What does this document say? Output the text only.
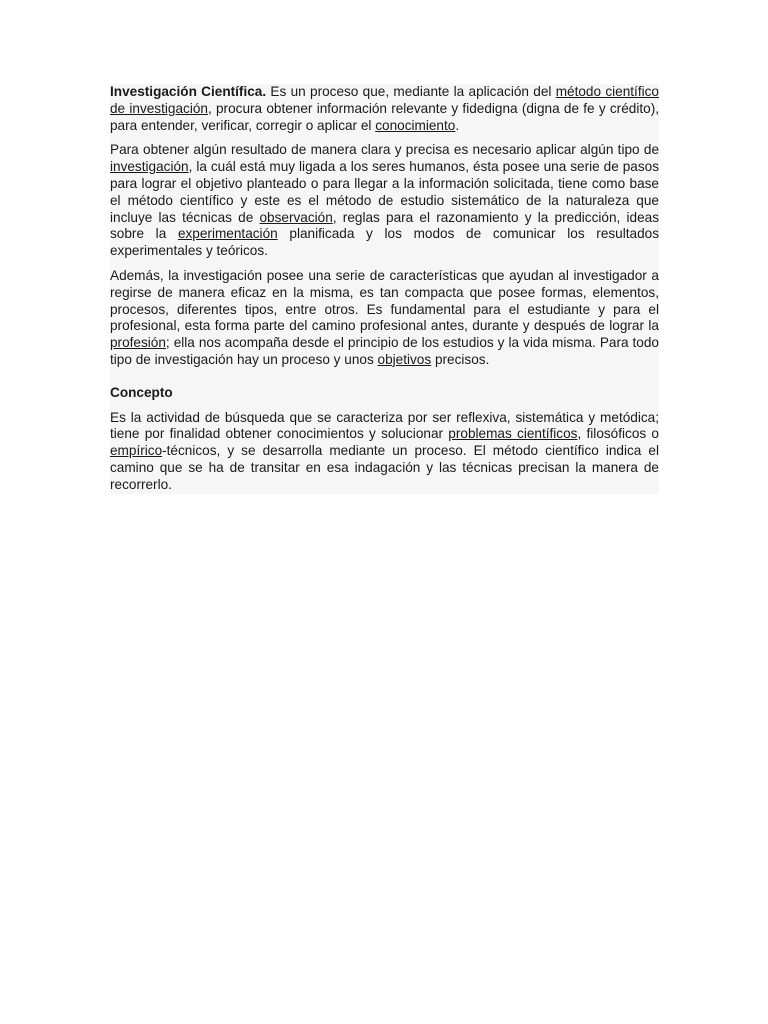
Investigación Científica. Es un proceso que, mediante la aplicación del método científico de investigación, procura obtener información relevante y fidedigna (digna de fe y crédito), para entender, verificar, corregir o aplicar el conocimiento.

Para obtener algún resultado de manera clara y precisa es necesario aplicar algún tipo de investigación, la cuál está muy ligada a los seres humanos, ésta posee una serie de pasos para lograr el objetivo planteado o para llegar a la información solicitada, tiene como base el método científico y este es el método de estudio sistemático de la naturaleza que incluye las técnicas de observación, reglas para el razonamiento y la predicción, ideas sobre la experimentación planificada y los modos de comunicar los resultados experimentales y teóricos.

Además, la investigación posee una serie de características que ayudan al investigador a regirse de manera eficaz en la misma, es tan compacta que posee formas, elementos, procesos, diferentes tipos, entre otros. Es fundamental para el estudiante y para el profesional, esta forma parte del camino profesional antes, durante y después de lograr la profesión; ella nos acompaña desde el principio de los estudios y la vida misma. Para todo tipo de investigación hay un proceso y unos objetivos precisos.

Concepto

Es la actividad de búsqueda que se caracteriza por ser reflexiva, sistemática y metódica; tiene por finalidad obtener conocimientos y solucionar problemas científicos, filosóficos o empírico-técnicos, y se desarrolla mediante un proceso. El método científico indica el camino que se ha de transitar en esa indagación y las técnicas precisan la manera de recorrerlo.
